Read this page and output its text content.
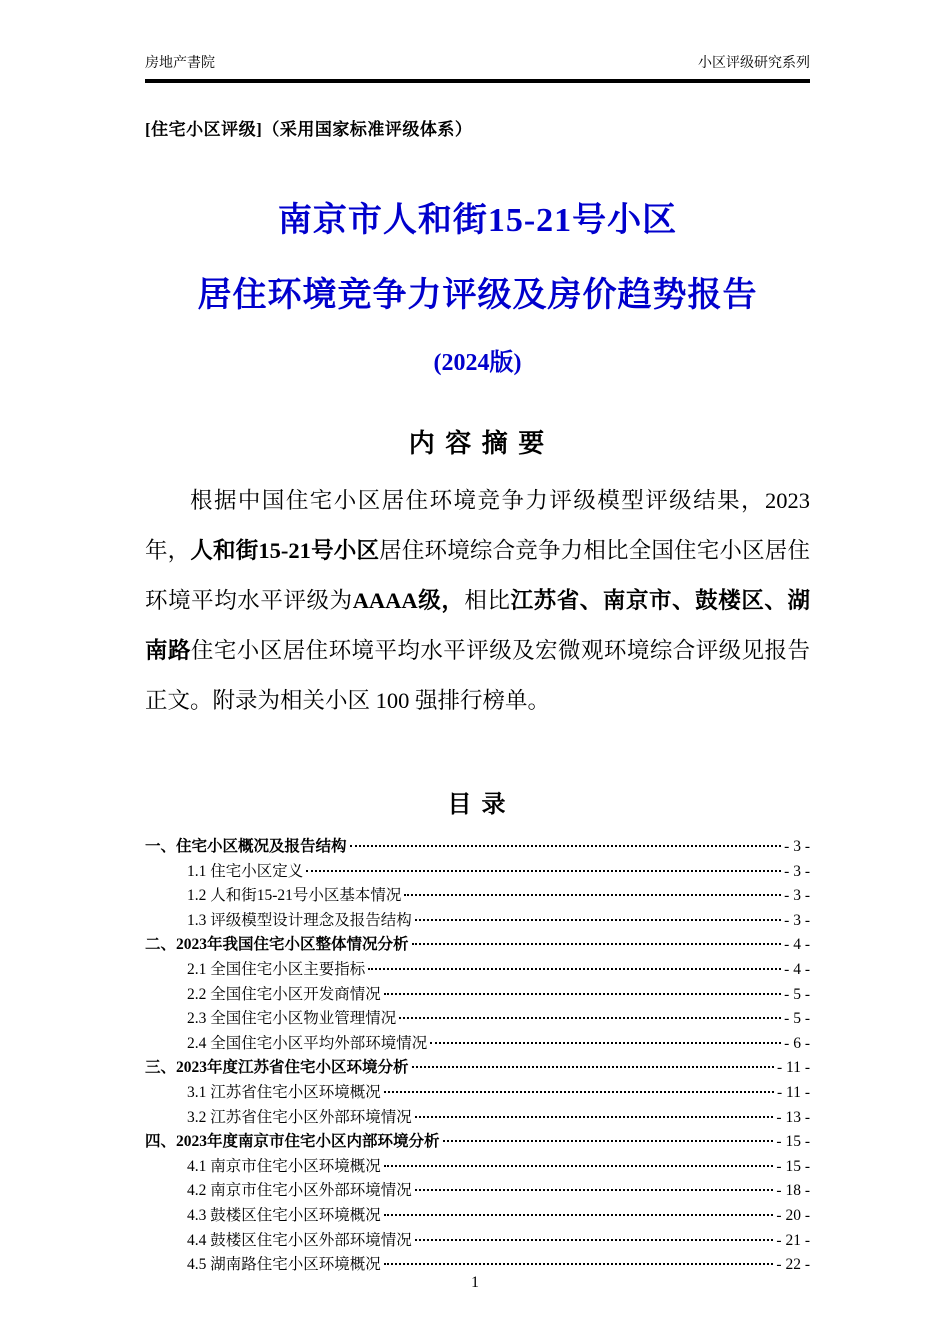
房地产書院	小区评级研究系列
[住宅小区评级]（采用国家标准评级体系）
南京市人和街15-21号小区
居住环境竞争力评级及房价趋势报告
(2024版)
内 容 摘 要

根据中国住宅小区居住环境竞争力评级模型评级结果，2023 年，人和街15-21号小区居住环境综合竞争力相比全国住宅小区居住环境平均水平评级为AAAA级，相比江苏省、南京市、鼓楼区、湖南路住宅小区居住环境平均水平评级及宏微观环境综合评级见报告正文。附录为相关小区 100 强排行榜单。

目 录
一、住宅小区概况及报告结构	- 3 -
1.1 住宅小区定义	- 3 -
1.2 人和街15-21号小区基本情况	- 3 -
1.3 评级模型设计理念及报告结构	- 3 -
二、2023年我国住宅小区整体情况分析	- 4 -
2.1 全国住宅小区主要指标	- 4 -
2.2 全国住宅小区开发商情况	- 5 -
2.3 全国住宅小区物业管理情况	- 5 -
2.4 全国住宅小区平均外部环境情况	- 6 -
三、2023年度江苏省住宅小区环境分析	- 11 -
3.1 江苏省住宅小区环境概况	- 11 -
3.2 江苏省住宅小区外部环境情况	- 13 -
四、2023年度南京市住宅小区内部环境分析	- 15 -
4.1 南京市住宅小区环境概况	- 15 -
4.2 南京市住宅小区外部环境情况	- 18 -
4.3 鼓楼区住宅小区环境概况	- 20 -
4.4 鼓楼区住宅小区外部环境情况	- 21 -
4.5 湖南路住宅小区环境概况	- 22 -
1
